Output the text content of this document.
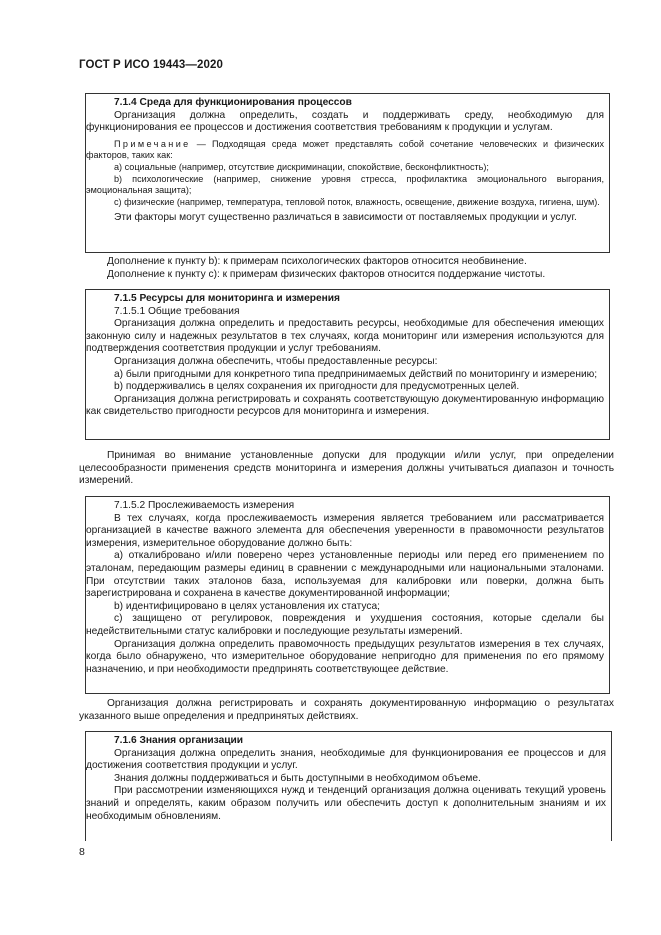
ГОСТ Р ИСО 19443—2020

7.1.4 Среда для функционирования процессов

Организация должна определить, создать и поддерживать среду, необходимую для функционирования ее процессов и достижения соответствия требованиям к продукции и услугам.

Примечание — Подходящая среда может представлять собой сочетание человеческих и физических факторов, таких как:

a) социальные (например, отсутствие дискриминации, спокойствие, бесконфликтность);

b) психологические (например, снижение уровня стресса, профилактика эмоционального выгорания, эмоциональная защита);

c) физические (например, температура, тепловой поток, влажность, освещение, движение воздуха, гигиена, шум).

Эти факторы могут существенно различаться в зависимости от поставляемых продукции и услуг.

Дополнение к пункту b): к примерам психологических факторов относится необвинение.

Дополнение к пункту c): к примерам физических факторов относится поддержание чистоты.

7.1.5 Ресурсы для мониторинга и измерения

7.1.5.1 Общие требования

Организация должна определить и предоставить ресурсы, необходимые для обеспечения имеющих законную силу и надежных результатов в тех случаях, когда мониторинг или измерения используются для подтверждения соответствия продукции и услуг требованиям.

Организация должна обеспечить, чтобы предоставленные ресурсы:

a) были пригодными для конкретного типа предпринимаемых действий по мониторингу и измерению;

b) поддерживались в целях сохранения их пригодности для предусмотренных целей.

Организация должна регистрировать и сохранять соответствующую документированную информацию как свидетельство пригодности ресурсов для мониторинга и измерения.

Принимая во внимание установленные допуски для продукции и/или услуг, при определении целесообразности применения средств мониторинга и измерения должны учитываться диапазон и точность измерений.

7.1.5.2 Прослеживаемость измерения

В тех случаях, когда прослеживаемость измерения является требованием или рассматривается организацией в качестве важного элемента для обеспечения уверенности в правомочности результатов измерения, измерительное оборудование должно быть:

a) откалибровано и/или поверено через установленные периоды или перед его применением по эталонам, передающим размеры единиц в сравнении с международными или национальными эталонами. При отсутствии таких эталонов база, используемая для калибровки или поверки, должна быть зарегистрирована и сохранена в качестве документированной информации;

b) идентифицировано в целях установления их статуса;

c) защищено от регулировок, повреждения и ухудшения состояния, которые сделали бы недействительными статус калибровки и последующие результаты измерений.

Организация должна определить правомочность предыдущих результатов измерения в тех случаях, когда было обнаружено, что измерительное оборудование непригодно для применения по его прямому назначению, и при необходимости предпринять соответствующее действие.

Организация должна регистрировать и сохранять документированную информацию о результатах указанного выше определения и предпринятых действиях.

7.1.6 Знания организации

Организация должна определить знания, необходимые для функционирования ее процессов и для достижения соответствия продукции и услуг.

Знания должны поддерживаться и быть доступными в необходимом объеме.

При рассмотрении изменяющихся нужд и тенденций организация должна оценивать текущий уровень знаний и определять, каким образом получить или обеспечить доступ к дополнительным знаниям и их необходимым обновлениям.

8
